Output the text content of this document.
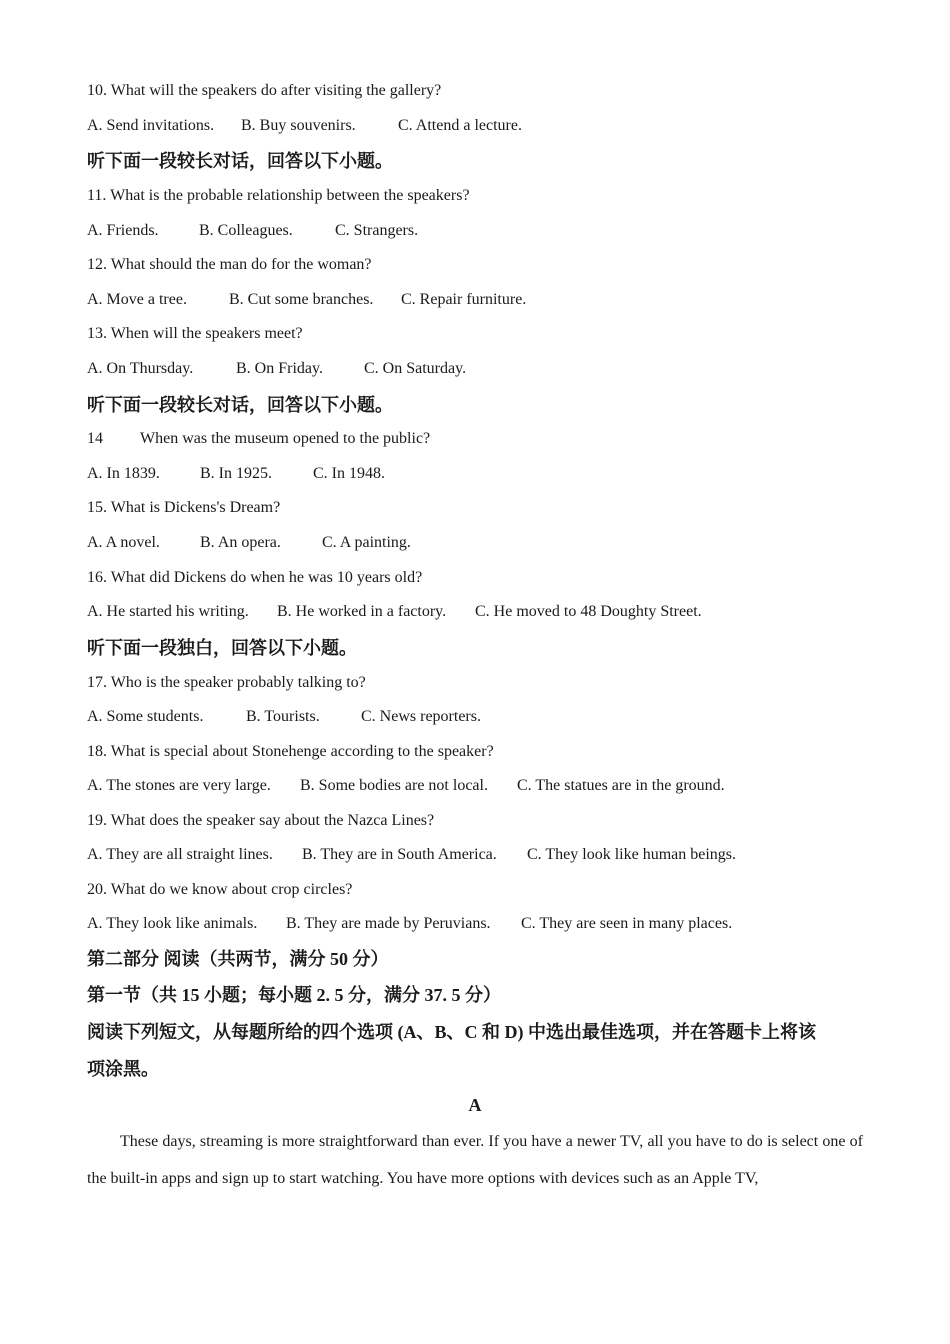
10. What will the speakers do after visiting the gallery?
A. Send invitations. B. Buy souvenirs.	C. Attend a lecture.
听下面一段较长对话，回答以下小题。
11. What is the probable relationship between the speakers?
A. Friends.	B. Colleagues.	C. Strangers.
12. What should the man do for the woman?
A. Move a tree.	B. Cut some branches. C. Repair furniture.
13. When will the speakers meet?
A. On Thursday.	B. On Friday.	C. On Saturday.
听下面一段较长对话，回答以下小题。
14 When was the museum opened to the public?
A. In 1839.	B. In 1925.	C. In 1948.
15. What is Dickens's Dream?
A. A novel.	B. An opera.	C. A painting.
16. What did Dickens do when he was 10 years old?
A. He started his writing. B. He worked in a factory. C. He moved to 48 Doughty Street.
听下面一段独白，回答以下小题。
17. Who is the speaker probably talking to?
A. Some students.	B. Tourists.	C. News reporters.
18. What is special about Stonehenge according to the speaker?
A. The stones are very large. B. Some bodies are not local. C. The statues are in the ground.
19. What does the speaker say about the Nazca Lines?
A. They are all straight lines. B. They are in South America. C. They look like human beings.
20. What do we know about crop circles?
A. They look like animals. B. They are made by Peruvians. C. They are seen in many places.
第二部分 阅读（共两节，满分 50 分）
第一节（共 15 小题；每小题 2. 5 分，满分 37. 5 分）
阅读下列短文，从每题所给的四个选项 (A、B、C 和 D) 中选出最佳选项，并在答题卡上将该
项涂黑。
A
These days, streaming is more straightforward than ever. If you have a newer TV, all you have to do is select one of the built-in apps and sign up to start watching. You have more options with devices such as an Apple TV,
